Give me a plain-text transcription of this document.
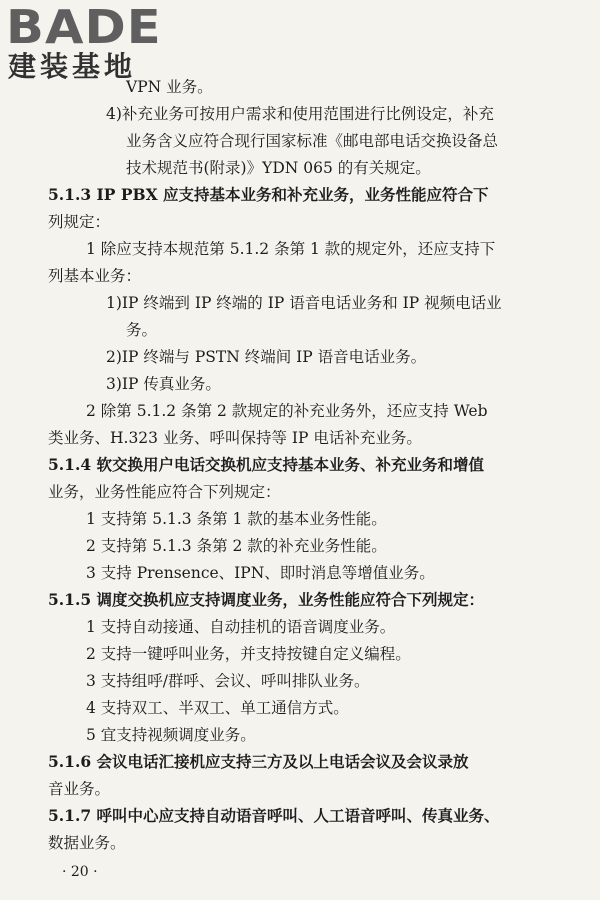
BADE
建装基地
VPN 业务。
4)补充业务可按用户需求和使用范围进行比例设定，补充
业务含义应符合现行国家标准《邮电部电话交换设备总
技术规范书(附录)》YDN 065 的有关规定。
5.1.3 IP PBX 应支持基本业务和补充业务，业务性能应符合下
列规定：
1 除应支持本规范第 5.1.2 条第 1 款的规定外，还应支持下
列基本业务：
1)IP 终端到 IP 终端的 IP 语音电话业务和 IP 视频电话业
务。
2)IP 终端与 PSTN 终端间 IP 语音电话业务。
3)IP 传真业务。
2 除第 5.1.2 条第 2 款规定的补充业务外，还应支持 Web
类业务、H.323 业务、呼叫保持等 IP 电话补充业务。
5.1.4 软交换用户电话交换机应支持基本业务、补充业务和增值
业务，业务性能应符合下列规定：
1 支持第 5.1.3 条第 1 款的基本业务性能。
2 支持第 5.1.3 条第 2 款的补充业务性能。
3 支持 Prensence、IPN、即时消息等增值业务。
5.1.5 调度交换机应支持调度业务，业务性能应符合下列规定：
1 支持自动接通、自动挂机的语音调度业务。
2 支持一键呼叫业务，并支持按键自定义编程。
3 支持组呼/群呼、会议、呼叫排队业务。
4 支持双工、半双工、单工通信方式。
5 宜支持视频调度业务。
5.1.6 会议电话汇接机应支持三方及以上电话会议及会议录放
音业务。
5.1.7 呼叫中心应支持自动语音呼叫、人工语音呼叫、传真业务、
数据业务。
· 20 ·
